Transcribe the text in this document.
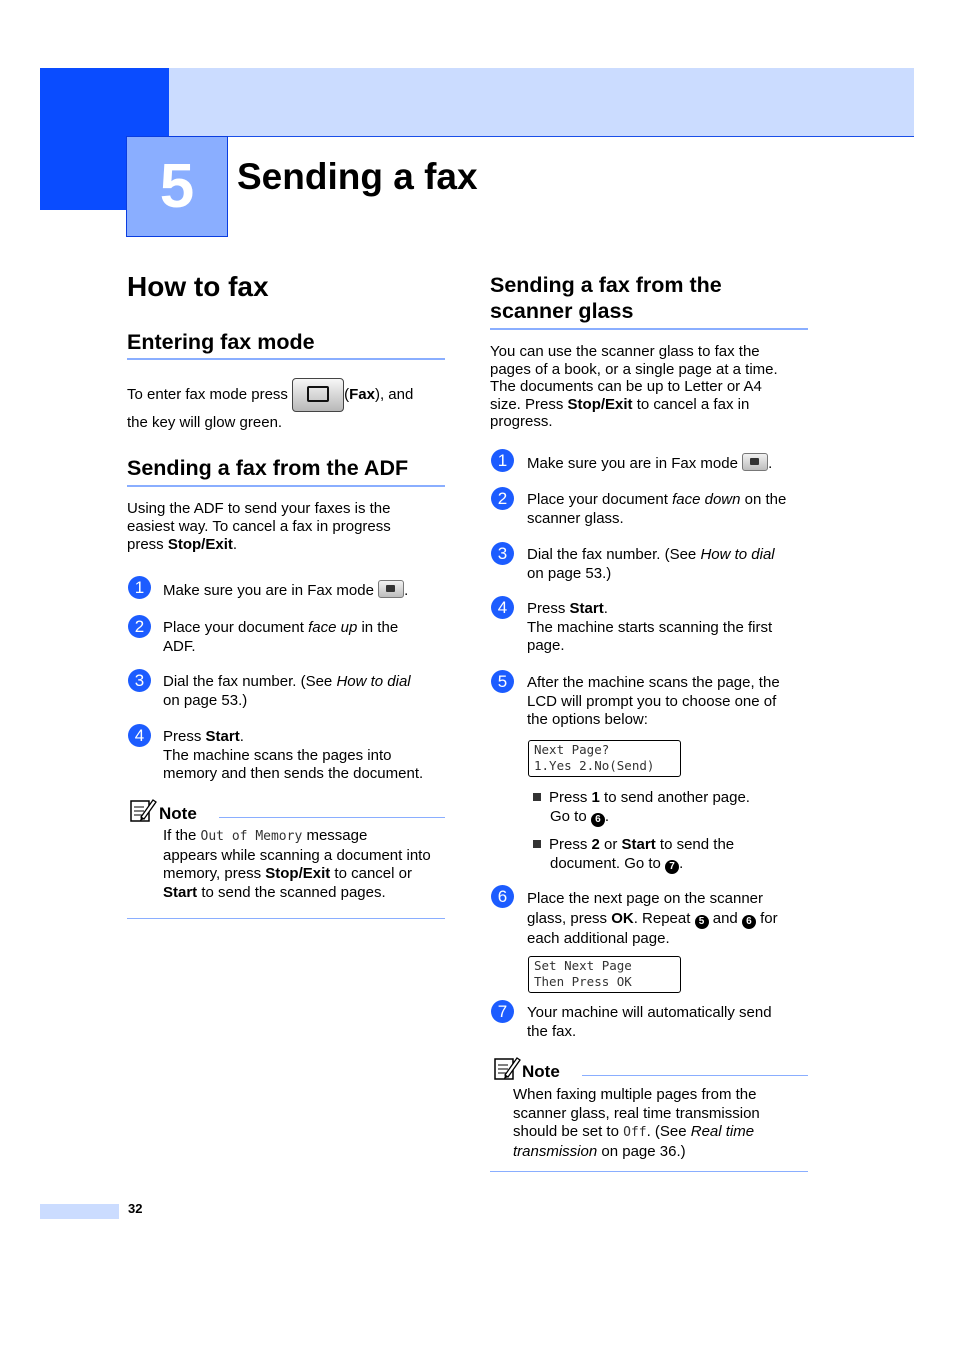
5	Sending a fax
How to fax
Entering fax mode
To enter fax mode press	(Fax), and
the key will glow green.
Sending a fax from the ADF
Using the ADF to send your faxes is the
easiest way. To cancel a fax in progress
press Stop/Exit.
1	Make sure you are in Fax mode .
2	Place your document face up in the
ADF.
3	Dial the fax number. (See How to dial
on page 53.)
4	Press Start.
The machine scans the pages into
memory and then sends the document.
Note
If the Out of Memory message
appears while scanning a document into
memory, press Stop/Exit to cancel or
Start to send the scanned pages.
Sending a fax from the
scanner glass
You can use the scanner glass to fax the
pages of a book, or a single page at a time.
The documents can be up to Letter or A4
size. Press Stop/Exit to cancel a fax in
progress.
1	Make sure you are in Fax mode .
2	Place your document face down on the
scanner glass.
3	Dial the fax number. (See How to dial
on page 53.)
4	Press Start.
The machine starts scanning the first
page.
5	After the machine scans the page, the
LCD will prompt you to choose one of
the options below:
Next Page?
1.Yes 2.No(Send)
Press 1 to send another page.
Go to 6 .
Press 2 or Start to send the
document. Go to 7 .
6	Place the next page on the scanner
glass, press OK. Repeat 5 and 6 for
each additional page.
Set Next Page
Then Press OK
7	Your machine will automatically send
the fax.
Note
When faxing multiple pages from the
scanner glass, real time transmission
should be set to Off. (See Real time
transmission on page 36.)
32
